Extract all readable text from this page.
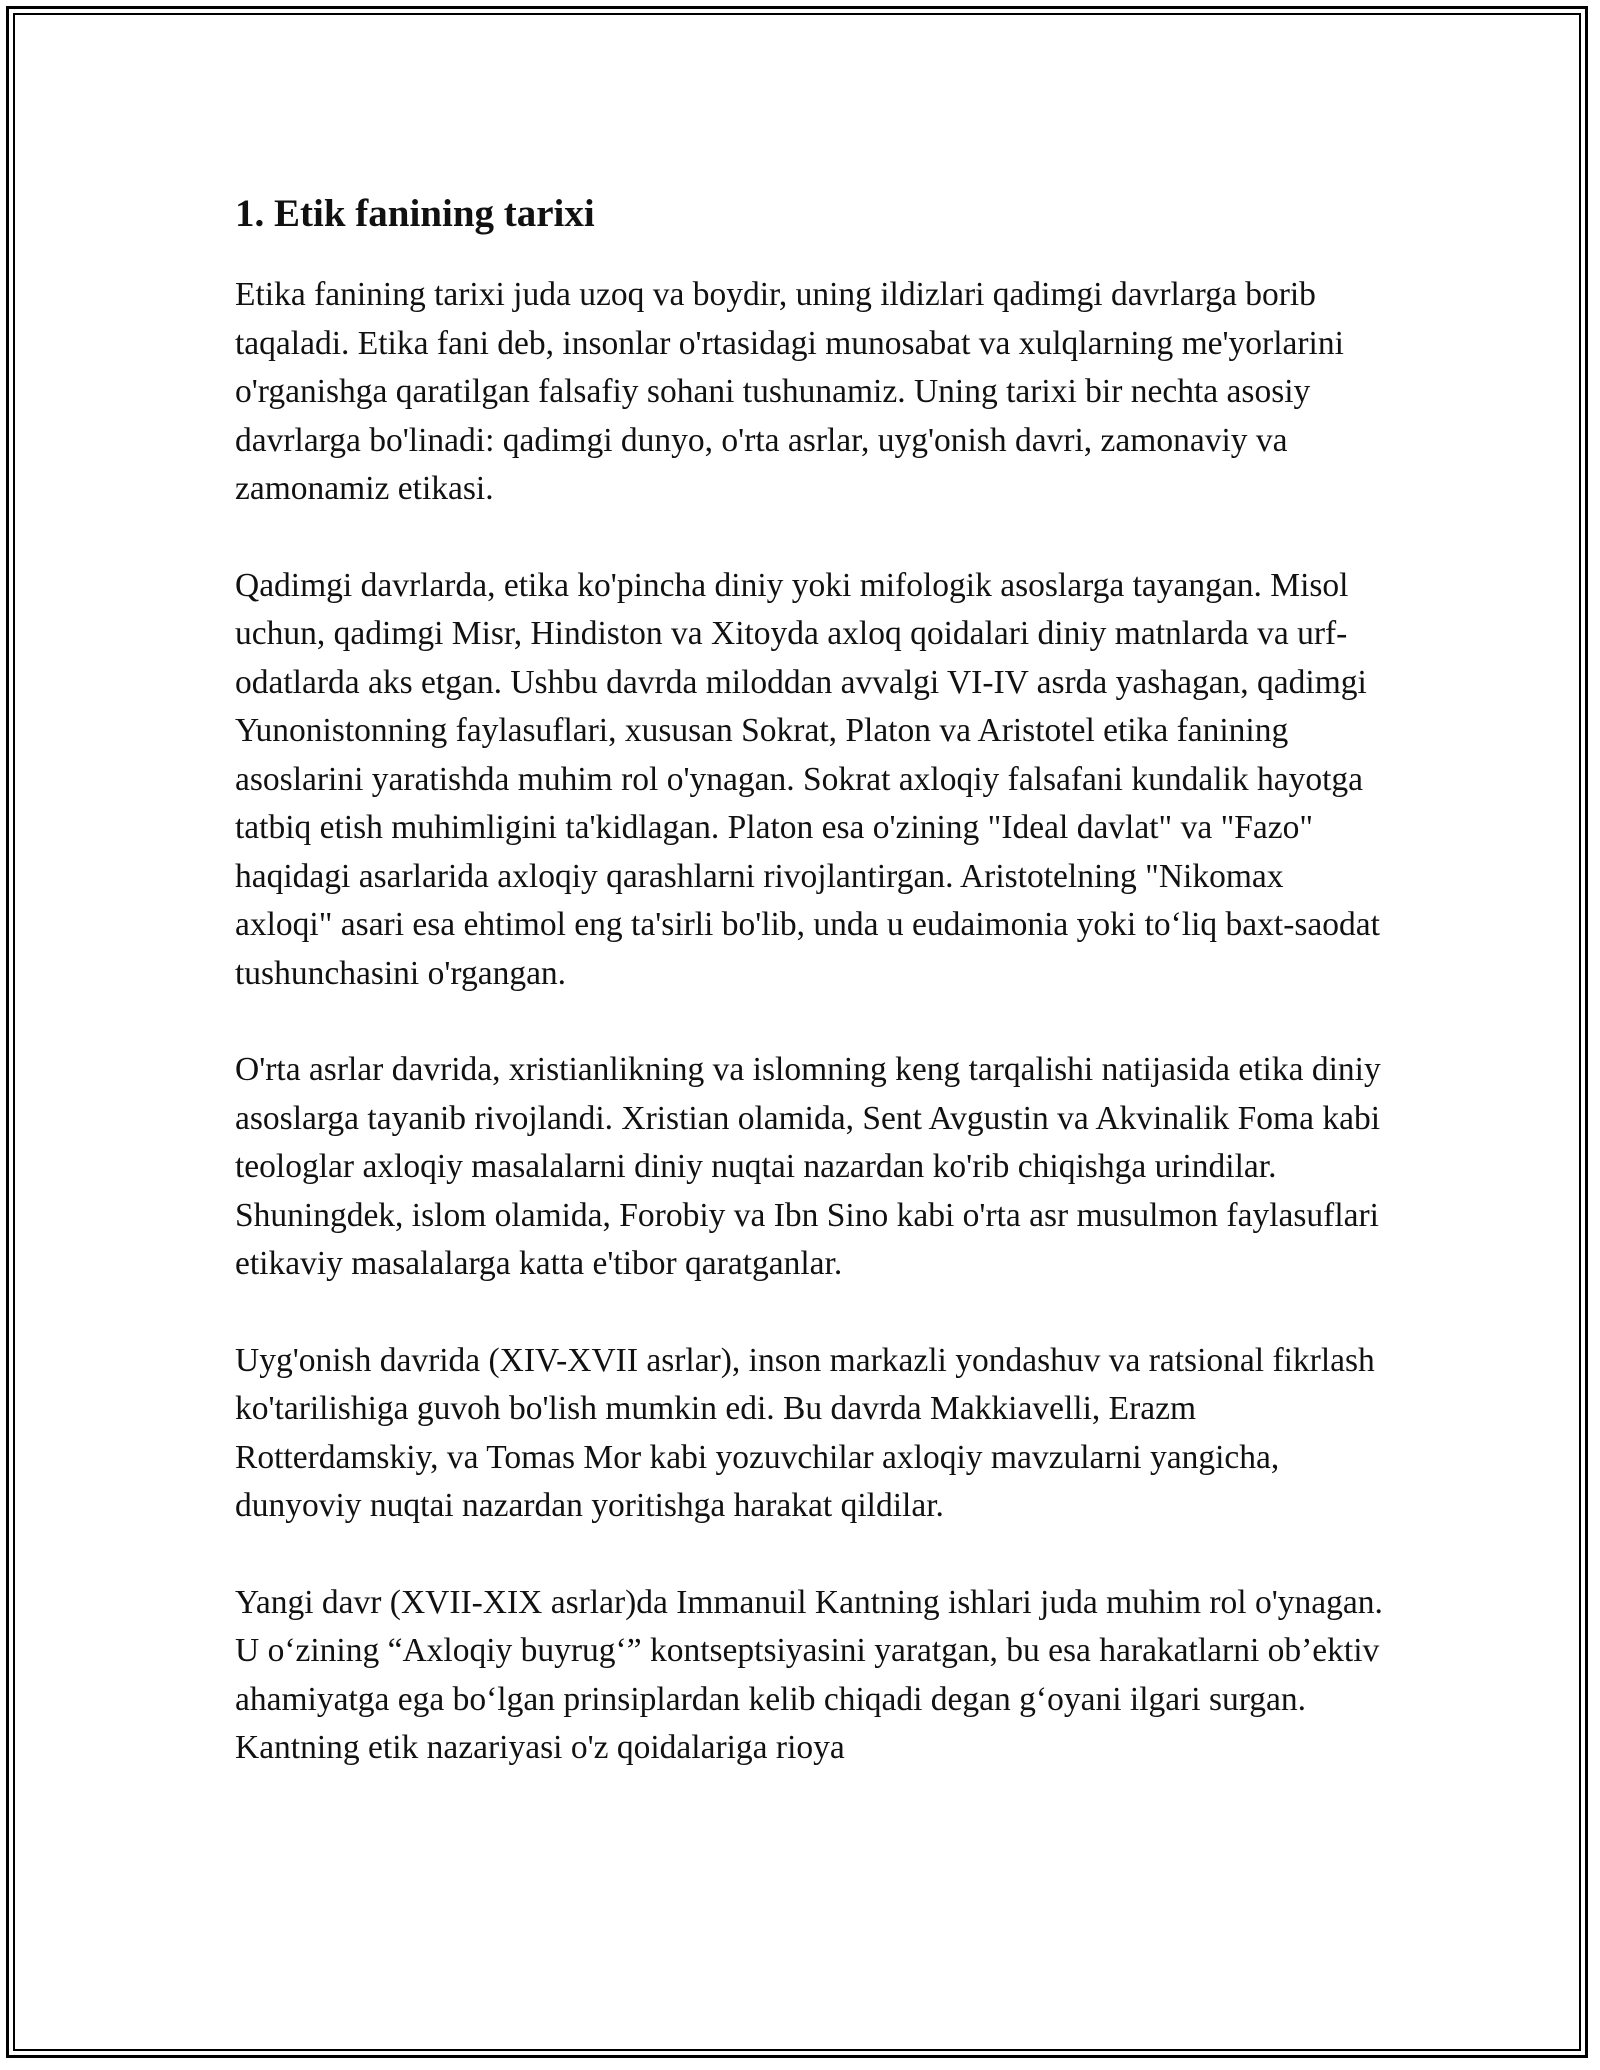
1. Etik fanining tarixi

Etika fanining tarixi juda uzoq va boydir, uning ildizlari qadimgi davrlarga borib taqaladi. Etika fani deb, insonlar o'rtasidagi munosabat va xulqlarning me'yorlarini o'rganishga qaratilgan falsafiy sohani tushunamiz. Uning tarixi bir nechta asosiy davrlarga bo'linadi: qadimgi dunyo, o'rta asrlar, uyg'onish davri, zamonaviy va zamonamiz etikasi.

Qadimgi davrlarda, etika ko'pincha diniy yoki mifologik asoslarga tayangan. Misol uchun, qadimgi Misr, Hindiston va Xitoyda axloq qoidalari diniy matnlarda va urf-odatlarda aks etgan. Ushbu davrda miloddan avvalgi VI-IV asrda yashagan, qadimgi Yunonistonning faylasuflari, xususan Sokrat, Platon va Aristotel etika fanining asoslarini yaratishda muhim rol o'ynagan. Sokrat axloqiy falsafani kundalik hayotga tatbiq etish muhimligini ta'kidlagan. Platon esa o'zining "Ideal davlat" va "Fazo" haqidagi asarlarida axloqiy qarashlarni rivojlantirgan. Aristotelning "Nikomax axloqi" asari esa ehtimol eng ta'sirli bo'lib, unda u eudaimonia yoki to‘liq baxt-saodat tushunchasini o'rgangan.

O'rta asrlar davrida, xristianlikning va islomning keng tarqalishi natijasida etika diniy asoslarga tayanib rivojlandi. Xristian olamida, Sent Avgustin va Akvinalik Foma kabi teologlar axloqiy masalalarni diniy nuqtai nazardan ko'rib chiqishga urindilar. Shuningdek, islom olamida, Forobiy va Ibn Sino kabi o'rta asr musulmon faylasuflari etikaviy masalalarga katta e'tibor qaratganlar.

Uyg'onish davrida (XIV-XVII asrlar), inson markazli yondashuv va ratsional fikrlash ko'tarilishiga guvoh bo'lish mumkin edi. Bu davrda Makkiavelli, Erazm Rotterdamskiy, va Tomas Mor kabi yozuvchilar axloqiy mavzularni yangicha, dunyoviy nuqtai nazardan yoritishga harakat qildilar.

Yangi davr (XVII-XIX asrlar)da Immanuil Kantning ishlari juda muhim rol o'ynagan. U o‘zining “Axloqiy buyrug‘” kontseptsiyasini yaratgan, bu esa harakatlarni ob’ektiv ahamiyatga ega bo‘lgan prinsiplardan kelib chiqadi degan g‘oyani ilgari surgan. Kantning etik nazariyasi o'z qoidalariga rioya
